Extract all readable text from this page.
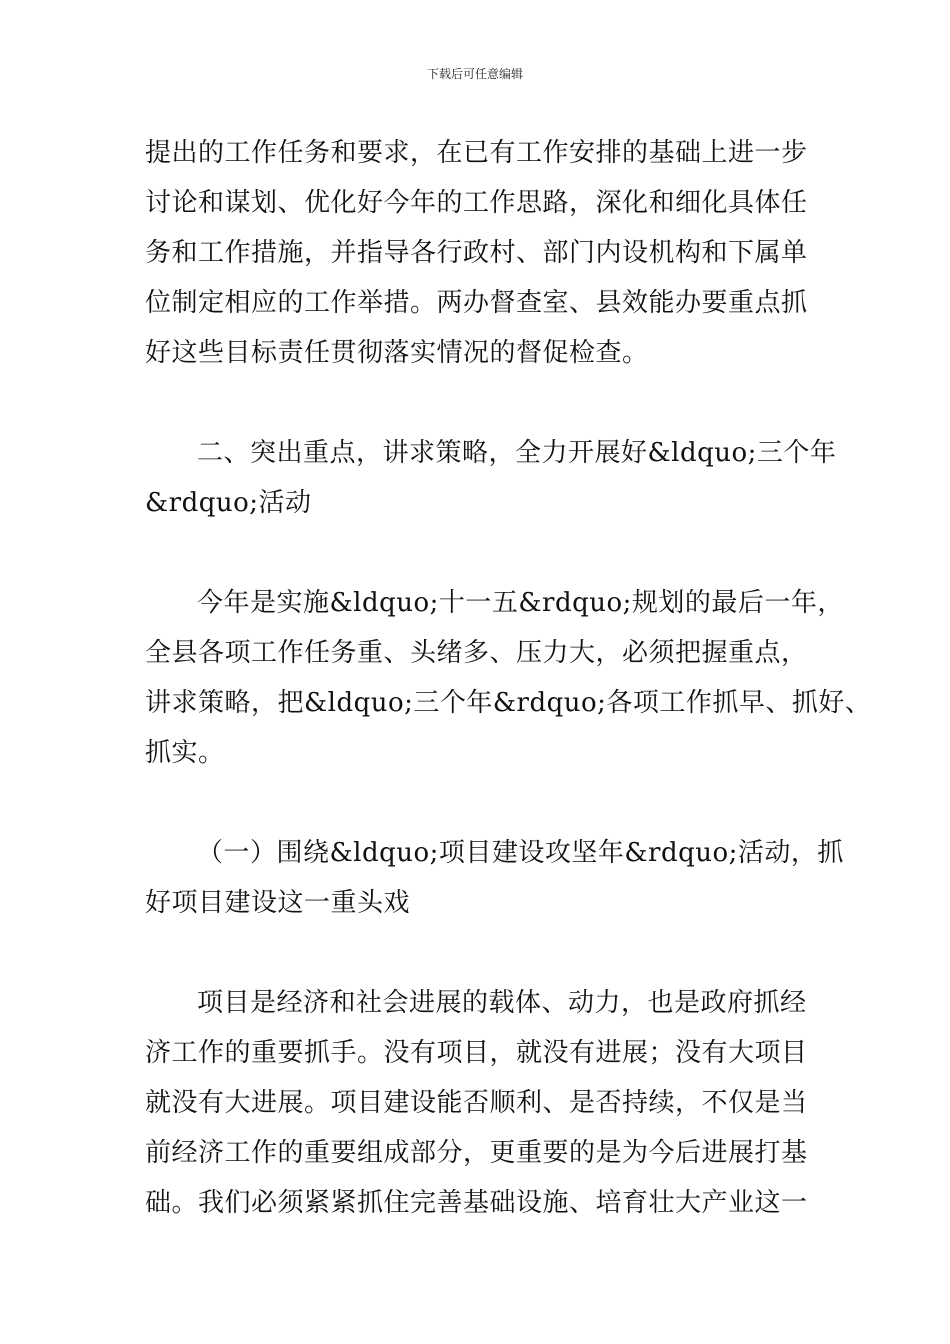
下载后可任意编辑
提出的工作任务和要求，在已有工作安排的基础上进一步
讨论和谋划、优化好今年的工作思路，深化和细化具体任
务和工作措施，并指导各行政村、部门内设机构和下属单
位制定相应的工作举措。两办督查室、县效能办要重点抓
好这些目标责任贯彻落实情况的督促检查。
二、突出重点，讲求策略，全力开展好&ldquo;三个年
&rdquo;活动
今年是实施&ldquo;十一五&rdquo;规划的最后一年，
全县各项工作任务重、头绪多、压力大，必须把握重点，
讲求策略，把&ldquo;三个年&rdquo;各项工作抓早、抓好、
抓实。
（一）围绕&ldquo;项目建设攻坚年&rdquo;活动，抓
好项目建设这一重头戏
项目是经济和社会进展的载体、动力，也是政府抓经
济工作的重要抓手。没有项目，就没有进展；没有大项目
就没有大进展。项目建设能否顺利、是否持续，不仅是当
前经济工作的重要组成部分，更重要的是为今后进展打基
础。我们必须紧紧抓住完善基础设施、培育壮大产业这一
